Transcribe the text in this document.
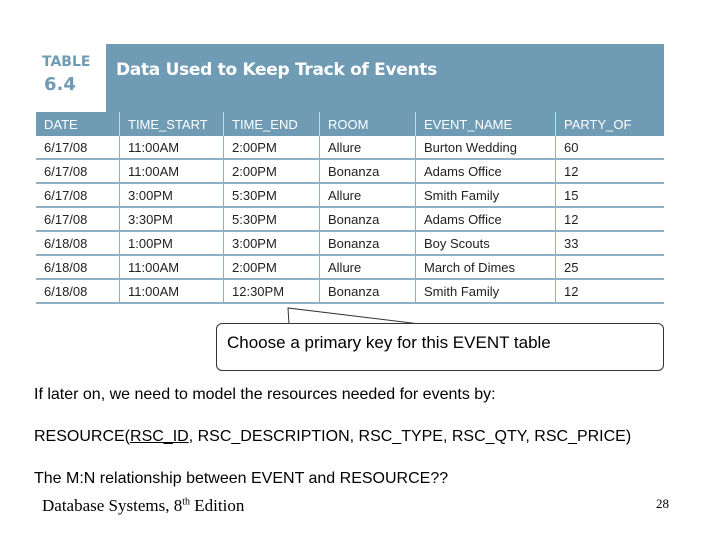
TABLE
6.4
Data Used to Keep Track of Events
DATE	TIME_START	TIME_END	ROOM	EVENT_NAME	PARTY_OF
6/17/08	11:00AM	2:00PM	Allure	Burton Wedding	60
6/17/08	11:00AM	2:00PM	Bonanza	Adams Office	12
6/17/08	3:00PM	5:30PM	Allure	Smith Family	15
6/17/08	3:30PM	5:30PM	Bonanza	Adams Office	12
6/18/08	1:00PM	3:00PM	Bonanza	Boy Scouts	33
6/18/08	11:00AM	2:00PM	Allure	March of Dimes	25
6/18/08	11:00AM	12:30PM	Bonanza	Smith Family	12
Choose a primary key for this EVENT table
If later on, we need to model the resources needed for events by:
RESOURCE(RSC_ID, RSC_DESCRIPTION, RSC_TYPE, RSC_QTY, RSC_PRICE)
The M:N relationship between EVENT and RESOURCE??
Database Systems, 8th Edition	28
